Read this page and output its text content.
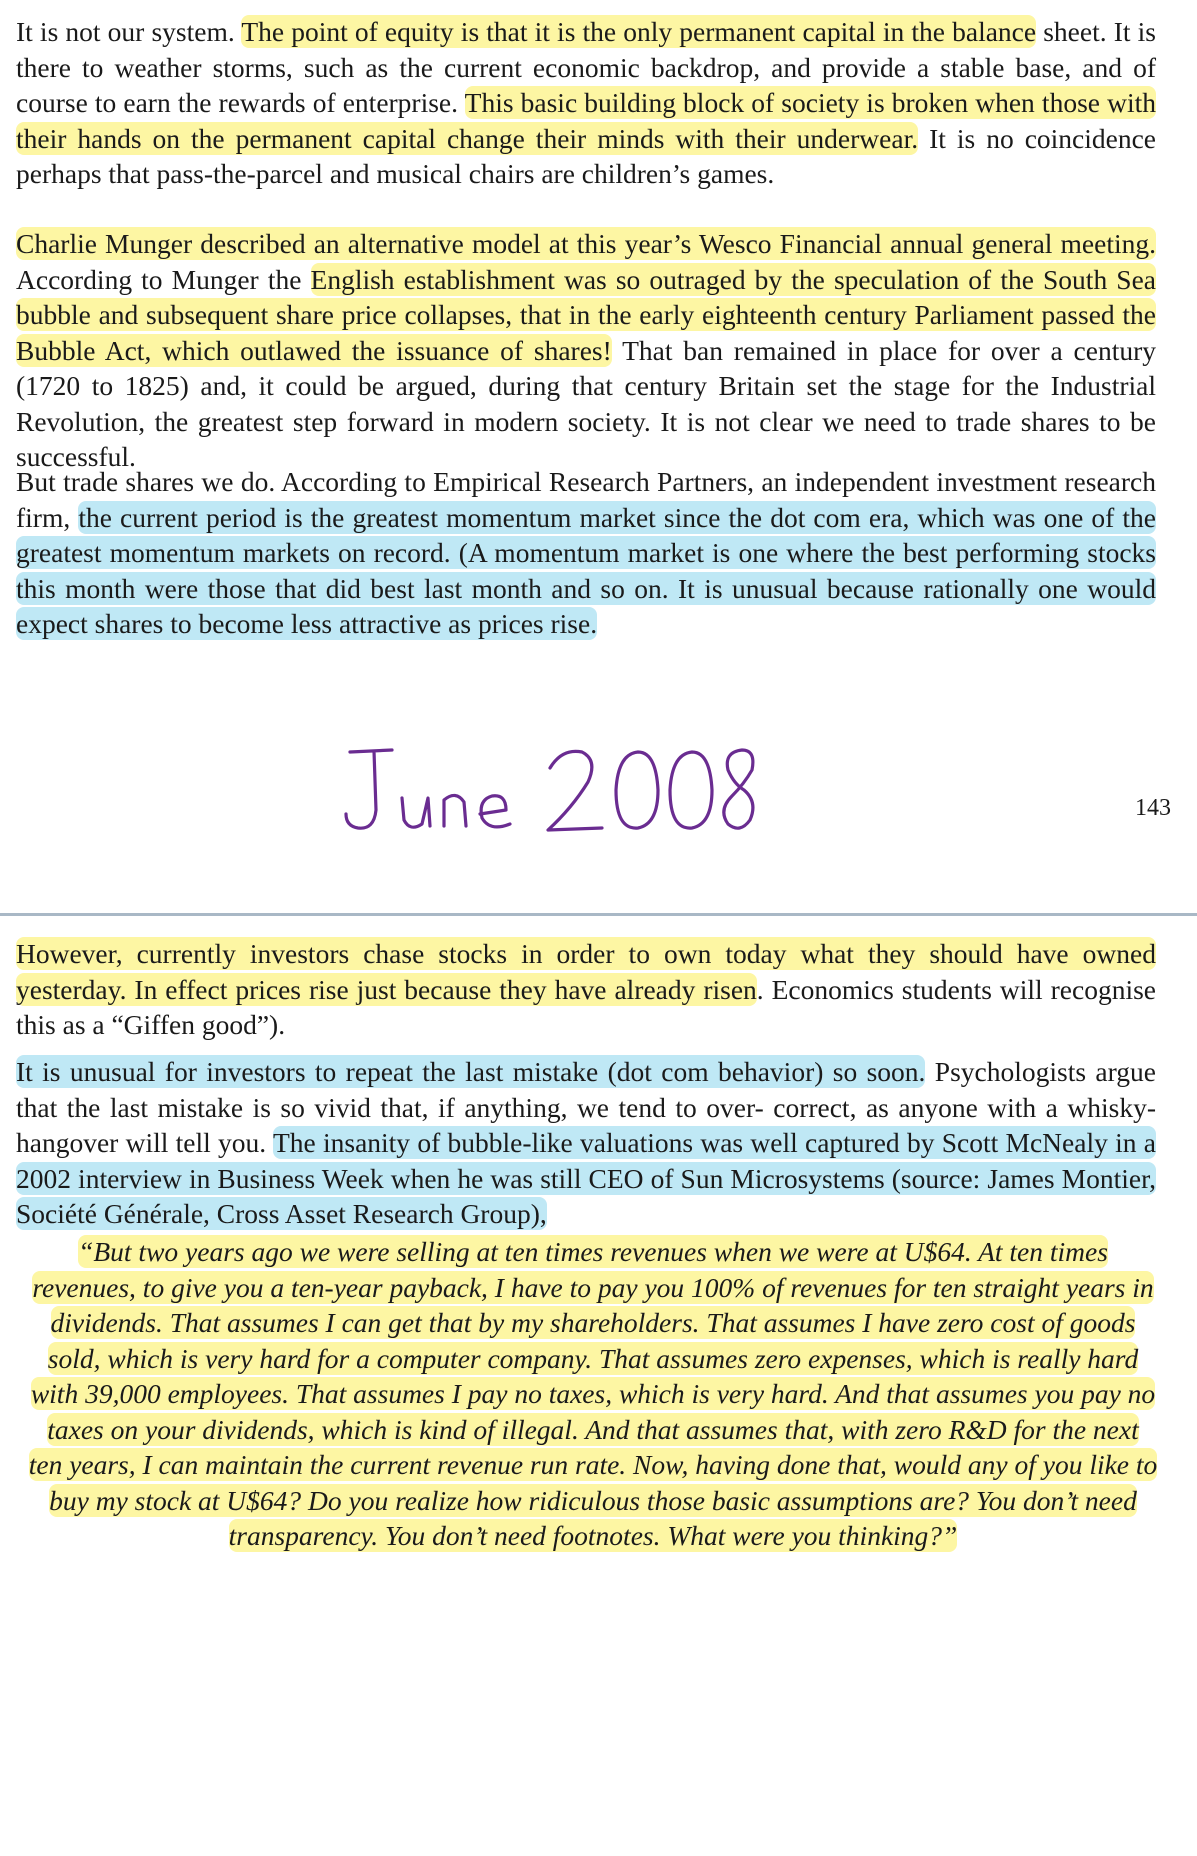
It is not our system. The point of equity is that it is the only permanent capital in the balance sheet. It is there to weather storms, such as the current economic backdrop, and provide a stable base, and of course to earn the rewards of enterprise. This basic building block of society is broken when those with their hands on the permanent capital change their minds with their underwear. It is no coincidence perhaps that pass-the-parcel and musical chairs are children’s games.

Charlie Munger described an alternative model at this year’s Wesco Financial annual general meeting. According to Munger the English establishment was so outraged by the speculation of the South Sea bubble and subsequent share price collapses, that in the early eighteenth century Parliament passed the Bubble Act, which outlawed the issuance of shares! That ban remained in place for over a century (1720 to 1825) and, it could be argued, during that century Britain set the stage for the Industrial Revolution, the greatest step forward in modern society. It is not clear we need to trade shares to be successful.

But trade shares we do. According to Empirical Research Partners, an independent investment research firm, the current period is the greatest momentum market since the dot com era, which was one of the greatest momentum markets on record. (A momentum market is one where the best performing stocks this month were those that did best last month and so on. It is unusual because rationally one would expect shares to become less attractive as prices rise.

143

However, currently investors chase stocks in order to own today what they should have owned yesterday. In effect prices rise just because they have already risen. Economics students will recognise this as a “Giffen good”).

It is unusual for investors to repeat the last mistake (dot com behavior) so soon. Psychologists argue that the last mistake is so vivid that, if anything, we tend to over- correct, as anyone with a whisky-hangover will tell you. The insanity of bubble-like valuations was well captured by Scott McNealy in a 2002 interview in Business Week when he was still CEO of Sun Microsystems (source: James Montier, Société Générale, Cross Asset Research Group),

“But two years ago we were selling at ten times revenues when we were at U$64. At ten times revenues, to give you a ten-year payback, I have to pay you 100% of revenues for ten straight years in dividends. That assumes I can get that by my shareholders. That assumes I have zero cost of goods sold, which is very hard for a computer company. That assumes zero expenses, which is really hard with 39,000 employees. That assumes I pay no taxes, which is very hard. And that assumes you pay no taxes on your dividends, which is kind of illegal. And that assumes that, with zero R&D for the next ten years, I can maintain the current revenue run rate. Now, having done that, would any of you like to buy my stock at U$64? Do you realize how ridiculous those basic assumptions are? You don’t need transparency. You don’t need footnotes. What were you thinking?”
